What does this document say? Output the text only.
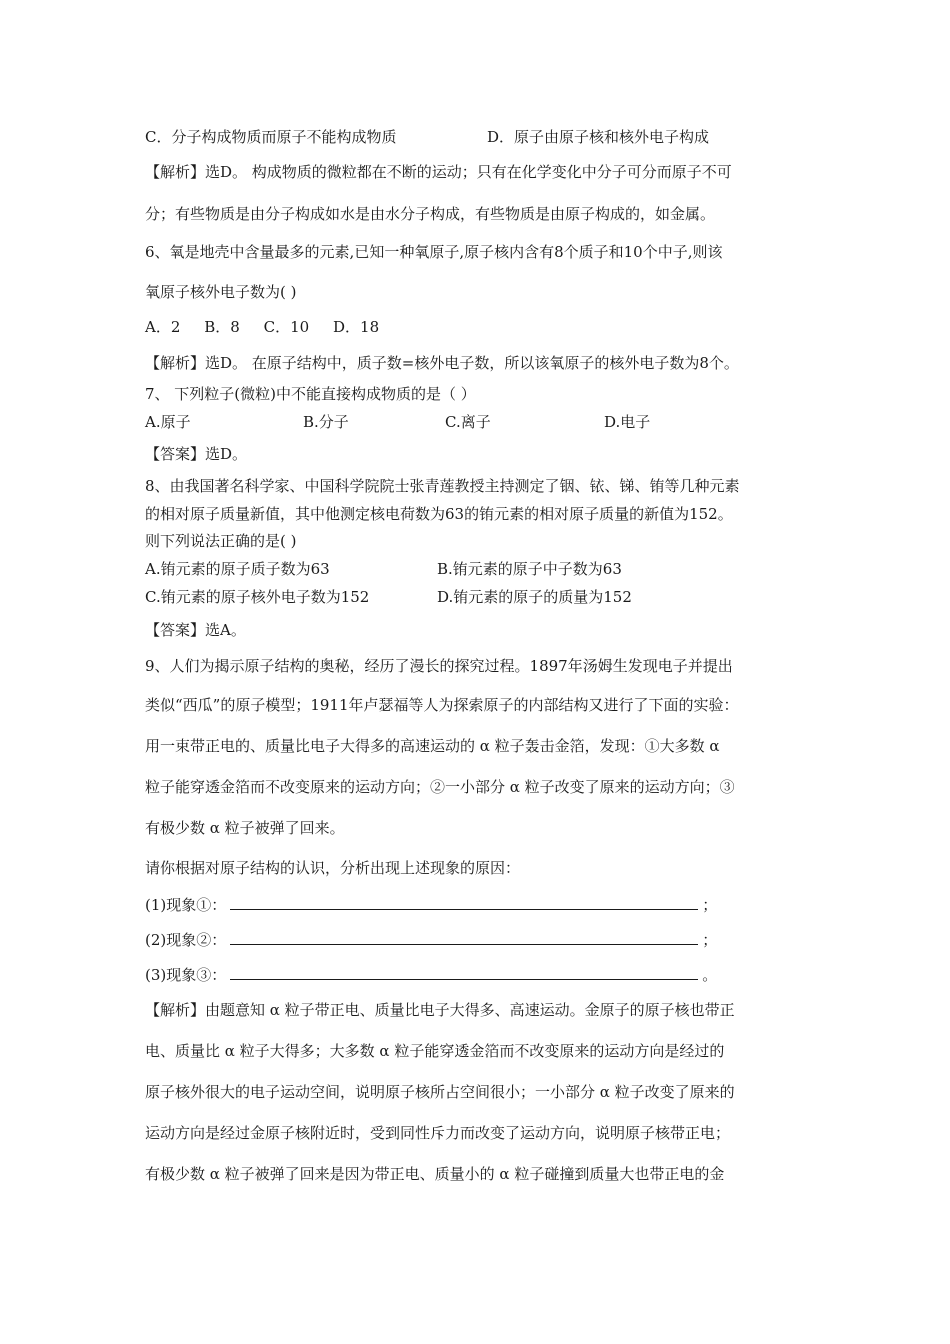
C．分子构成物质而原子不能构成物质	D．原子由原子核和核外电子构成
【解析】选D。 构成物质的微粒都在不断的运动；只有在化学变化中分子可分而原子不可
分；有些物质是由分子构成如水是由水分子构成，有些物质是由原子构成的，如金属。
6、氧是地壳中含量最多的元素,已知一种氧原子,原子核内含有8个质子和10个中子,则该
氧原子核外电子数为( )
A．2     B．8     C．10     D．18
【解析】选D。 在原子结构中，质子数=核外电子数，所以该氧原子的核外电子数为8个。
7、 下列粒子(微粒)中不能直接构成物质的是（ ）
A.原子	B.分子	C.离子	D.电子
【答案】选D。
8、由我国著名科学家、中国科学院院士张青莲教授主持测定了铟、铱、锑、铕等几种元素
的相对原子质量新值，其中他测定核电荷数为63的铕元素的相对原子质量的新值为152。
则下列说法正确的是( )
A.铕元素的原子质子数为63	B.铕元素的原子中子数为63
C.铕元素的原子核外电子数为152	D.铕元素的原子的质量为152
【答案】选A。
9、人们为揭示原子结构的奥秘，经历了漫长的探究过程。1897年汤姆生发现电子并提出
类似“西瓜”的原子模型；1911年卢瑟福等人为探索原子的内部结构又进行了下面的实验：
用一束带正电的、质量比电子大得多的高速运动的 α 粒子轰击金箔，发现：①大多数 α
粒子能穿透金箔而不改变原来的运动方向；②一小部分 α 粒子改变了原来的运动方向；③
有极少数 α 粒子被弹了回来。
请你根据对原子结构的认识，分析出现上述现象的原因：
(1)现象①：	；
(2)现象②：	；
(3)现象③：	。
【解析】由题意知 α 粒子带正电、质量比电子大得多、高速运动。金原子的原子核也带正
电、质量比 α 粒子大得多；大多数 α 粒子能穿透金箔而不改变原来的运动方向是经过的
原子核外很大的电子运动空间，说明原子核所占空间很小；一小部分 α 粒子改变了原来的
运动方向是经过金原子核附近时，受到同性斥力而改变了运动方向，说明原子核带正电；
有极少数 α 粒子被弹了回来是因为带正电、质量小的 α 粒子碰撞到质量大也带正电的金
